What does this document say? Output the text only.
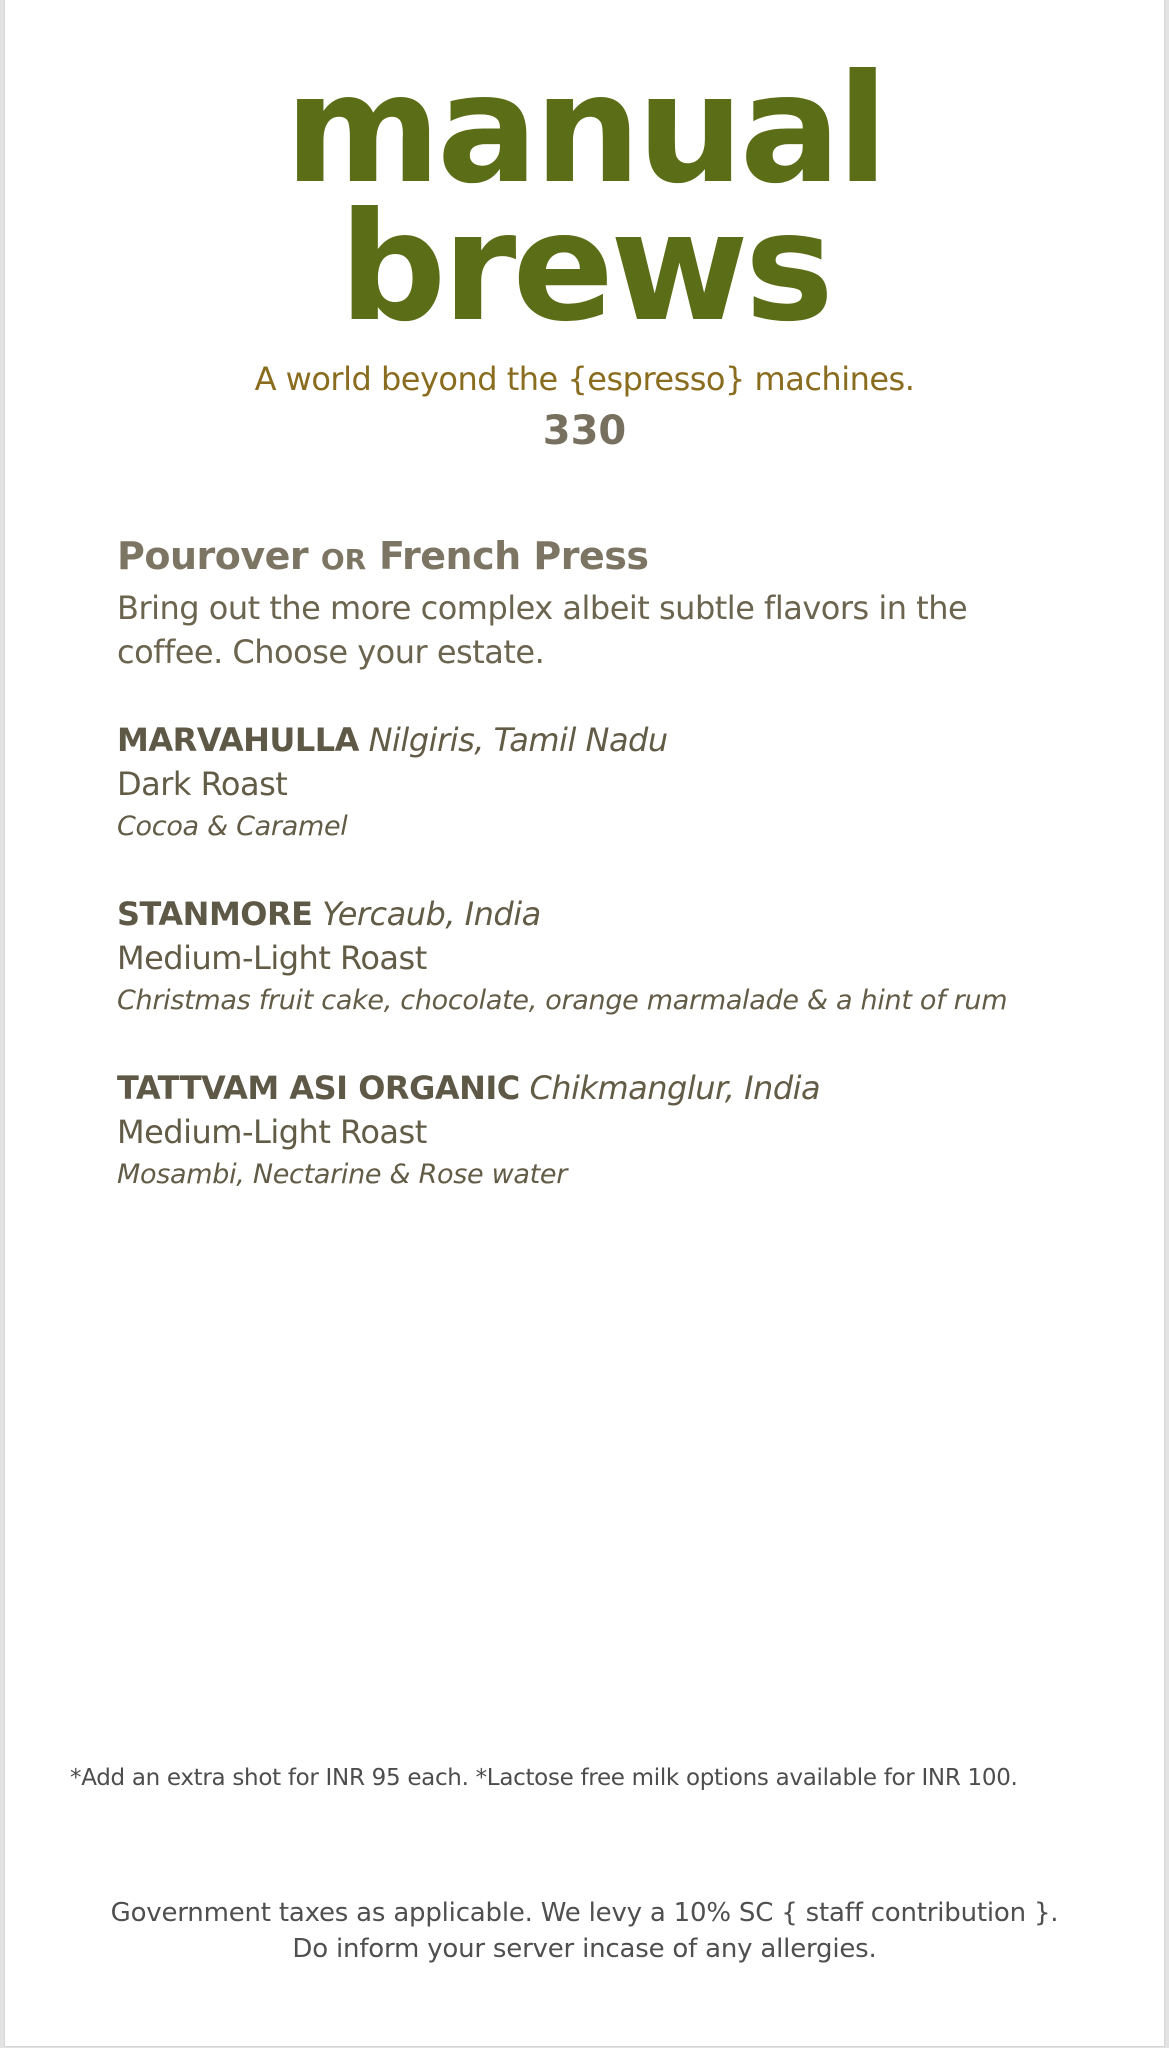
manual
brews
A world beyond the {espresso} machines.
330

Pourover OR French Press

Bring out the more complex albeit subtle flavors in the coffee. Choose your estate.

MARVAHULLA Nilgiris, Tamil Nadu
Dark Roast
Cocoa & Caramel
STANMORE Yercaub, India
Medium-Light Roast
Christmas fruit cake, chocolate, orange marmalade & a hint of rum
TATTVAM ASI ORGANIC Chikmanglur, India
Medium-Light Roast
Mosambi, Nectarine & Rose water
*Add an extra shot for INR 95 each. *Lactose free milk options available for INR 100.
Government taxes as applicable. We levy a 10% SC { staff contribution }.
Do inform your server incase of any allergies.
